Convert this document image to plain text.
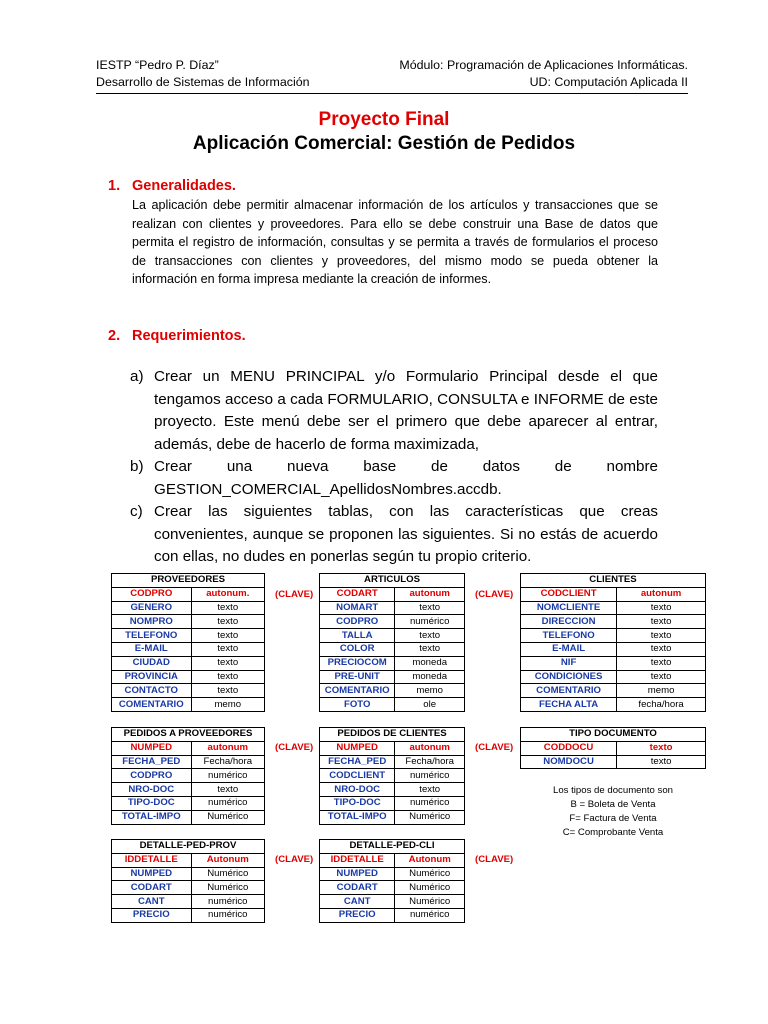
IESTP “Pedro P. Díaz”	Módulo: Programación de Aplicaciones Informáticas.
Desarrollo de Sistemas de Información	UD: Computación Aplicada II
Proyecto Final
Aplicación Comercial: Gestión de Pedidos
1. Generalidades.
La aplicación debe permitir almacenar información de los artículos y transacciones que se realizan con clientes y proveedores. Para ello se debe construir una Base de datos que permita el registro de información, consultas y se permita a través de formularios el proceso de transacciones con clientes y proveedores, del mismo modo se pueda obtener la información en forma impresa mediante la creación de informes.
2. Requerimientos.
a) Crear un MENU PRINCIPAL y/o Formulario Principal desde el que tengamos acceso a cada FORMULARIO, CONSULTA e INFORME de este proyecto. Este menú debe ser el primero que debe aparecer al entrar, además, debe de hacerlo de forma maximizada,
b) Crear una nueva base de datos de nombre GESTION_COMERCIAL_ApellidosNombres.accdb.
c) Crear las siguientes tablas, con las características que creas convenientes, aunque se proponen las siguientes. Si no estás de acuerdo con ellas, no dudes en ponerlas según tu propio criterio.
PROVEEDORES	
CODPRO	autonum.
GENERO	texto
NOMPRO	texto
TELEFONO	texto
E-MAIL	texto
CIUDAD	texto
PROVINCIA	texto
CONTACTO	texto
COMENTARIO	memo
(CLAVE)
ARTICULOS	
CODART	autonum
NOMART	texto
CODPRO	numérico
TALLA	texto
COLOR	texto
PRECIOCOM	moneda
PRE-UNIT	moneda
COMENTARIO	memo
FOTO	ole
(CLAVE)
CLIENTES	
CODCLIENT	autonum
NOMCLIENTE	texto
DIRECCION	texto
TELEFONO	texto
E-MAIL	texto
NIF	texto
CONDICIONES	texto
COMENTARIO	memo
FECHA ALTA	fecha/hora
PEDIDOS A PROVEEDORES	
NUMPED	autonum
FECHA_PED	Fecha/hora
CODPRO	numérico
NRO-DOC	texto
TIPO-DOC	numérico
TOTAL-IMPO	Numérico
(CLAVE)
PEDIDOS DE CLIENTES	
NUMPED	autonum
FECHA_PED	Fecha/hora
CODCLIENT	numérico
NRO-DOC	texto
TIPO-DOC	numérico
TOTAL-IMPO	Numérico
(CLAVE)
TIPO DOCUMENTO	
CODDOCU	texto
NOMDOCU	texto
Los tipos de documento son
B = Boleta de Venta
F= Factura de Venta
C= Comprobante Venta
DETALLE-PED-PROV	
IDDETALLE	Autonum
NUMPED	Numérico
CODART	Numérico
CANT	numérico
PRECIO	numérico
(CLAVE)
DETALLE-PED-CLI	
IDDETALLE	Autonum
NUMPED	Numérico
CODART	Numérico
CANT	Numérico
PRECIO	numérico
(CLAVE)
